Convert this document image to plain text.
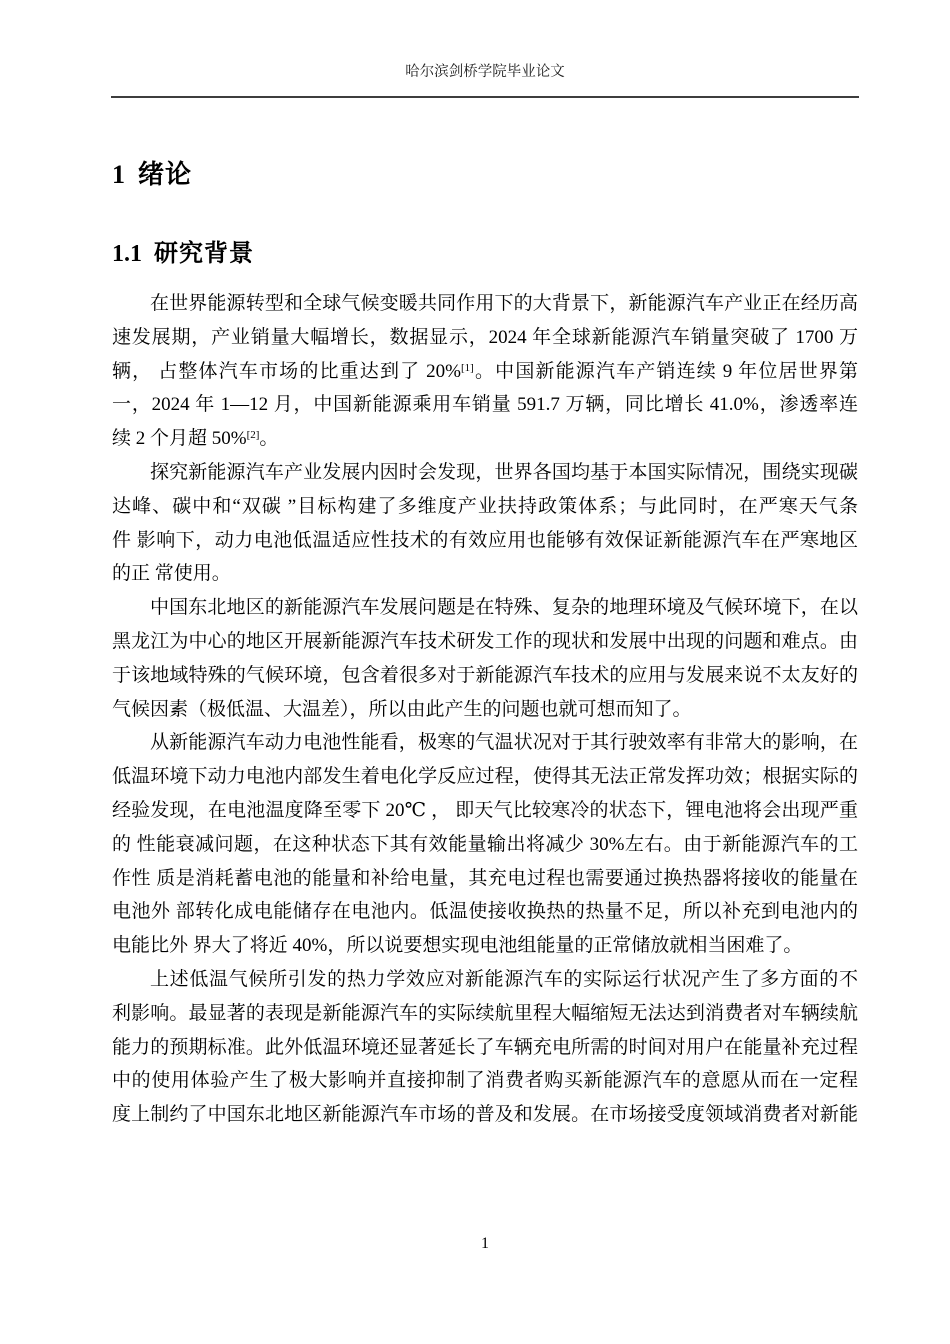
哈尔滨剑桥学院毕业论文
1 绪论
1.1 研究背景
在世界能源转型和全球气候变暖共同作用下的大背景下，新能源汽车产业正在经历高
速发展期，产业销量大幅增长，数据显示，2024 年全球新能源汽车销量突破了 1700 万
辆， 占整体汽车市场的比重达到了 20%[1]。中国新能源汽车产销连续 9 年位居世界第
一，2024 年 1—12 月，中国新能源乘用车销量 591.7 万辆，同比增长 41.0%，渗透率连
续 2 个月超 50%[2]。
探究新能源汽车产业发展内因时会发现，世界各国均基于本国实际情况，围绕实现碳
达峰、碳中和“双碳 ”目标构建了多维度产业扶持政策体系；与此同时，在严寒天气条
件 影响下，动力电池低温适应性技术的有效应用也能够有效保证新能源汽车在严寒地区
的正 常使用。
中国东北地区的新能源汽车发展问题是在特殊、复杂的地理环境及气候环境下，在以
黑龙江为中心的地区开展新能源汽车技术研发工作的现状和发展中出现的问题和难点。由
于该地域特殊的气候环境，包含着很多对于新能源汽车技术的应用与发展来说不太友好的
气候因素（极低温、大温差），所以由此产生的问题也就可想而知了。
从新能源汽车动力电池性能看，极寒的气温状况对于其行驶效率有非常大的影响，在
低温环境下动力电池内部发生着电化学反应过程，使得其无法正常发挥功效；根据实际的
经验发现，在电池温度降至零下 20℃ ， 即天气比较寒冷的状态下，锂电池将会出现严重
的 性能衰减问题，在这种状态下其有效能量输出将减少 30%左右。由于新能源汽车的工
作性 质是消耗蓄电池的能量和补给电量，其充电过程也需要通过换热器将接收的能量在
电池外 部转化成电能储存在电池内。低温使接收换热的热量不足，所以补充到电池内的
电能比外 界大了将近 40%，所以说要想实现电池组能量的正常储放就相当困难了。
上述低温气候所引发的热力学效应对新能源汽车的实际运行状况产生了多方面的不
利影响。最显著的表现是新能源汽车的实际续航里程大幅缩短无法达到消费者对车辆续航
能力的预期标准。此外低温环境还显著延长了车辆充电所需的时间对用户在能量补充过程
中的使用体验产生了极大影响并直接抑制了消费者购买新能源汽车的意愿从而在一定程
度上制约了中国东北地区新能源汽车市场的普及和发展。在市场接受度领域消费者对新能
1
